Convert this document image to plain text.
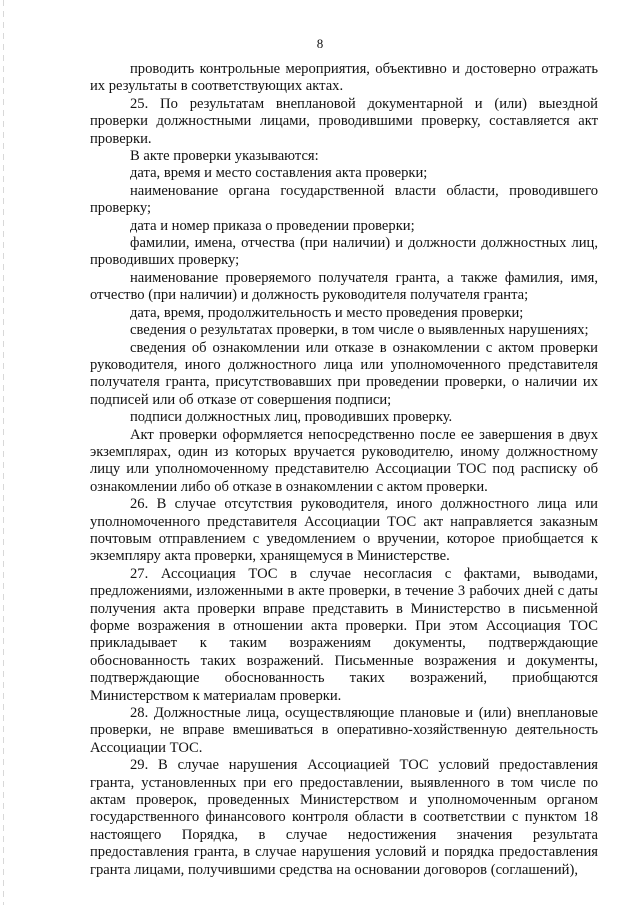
8

проводить контрольные мероприятия, объективно и достоверно отражать их результаты в соответствующих актах.

25. По результатам внеплановой документарной и (или) выездной проверки должностными лицами, проводившими проверку, составляется акт проверки.

В акте проверки указываются:

дата, время и место составления акта проверки;

наименование органа государственной власти области, проводившего проверку;

дата и номер приказа о проведении проверки;

фамилии, имена, отчества (при наличии) и должности должностных лиц, проводивших проверку;

наименование проверяемого получателя гранта, а также фамилия, имя, отчество (при наличии) и должность руководителя получателя гранта;

дата, время, продолжительность и место проведения проверки;

сведения о результатах проверки, в том числе о выявленных нарушениях;

сведения об ознакомлении или отказе в ознакомлении с актом проверки руководителя, иного должностного лица или уполномоченного представителя получателя гранта, присутствовавших при проведении проверки, о наличии их подписей или об отказе от совершения подписи;

подписи должностных лиц, проводивших проверку.

Акт проверки оформляется непосредственно после ее завершения в двух экземплярах, один из которых вручается руководителю, иному должностному лицу или уполномоченному представителю Ассоциации ТОС под расписку об ознакомлении либо об отказе в ознакомлении с актом проверки.

26. В случае отсутствия руководителя, иного должностного лица или уполномоченного представителя Ассоциации ТОС акт направляется заказным почтовым отправлением с уведомлением о вручении, которое приобщается к экземпляру акта проверки, хранящемуся в Министерстве.

27. Ассоциация ТОС в случае несогласия с фактами, выводами, предложениями, изложенными в акте проверки, в течение 3 рабочих дней с даты получения акта проверки вправе представить в Министерство в письменной форме возражения в отношении акта проверки. При этом Ассоциация ТОС прикладывает к таким возражениям документы, подтверждающие обоснованность таких возражений. Письменные возражения и документы, подтверждающие обоснованность таких возражений, приобщаются Министерством к материалам проверки.

28. Должностные лица, осуществляющие плановые и (или) внеплановые проверки, не вправе вмешиваться в оперативно-хозяйственную деятельность Ассоциации ТОС.

29. В случае нарушения Ассоциацией ТОС условий предоставления гранта, установленных при его предоставлении, выявленного в том числе по актам проверок, проведенных Министерством и уполномоченным органом государственного финансового контроля области в соответствии с пунктом 18 настоящего Порядка, в случае недостижения значения результата предоставления гранта, в случае нарушения условий и порядка предоставления гранта лицами, получившими средства на основании договоров (соглашений),
